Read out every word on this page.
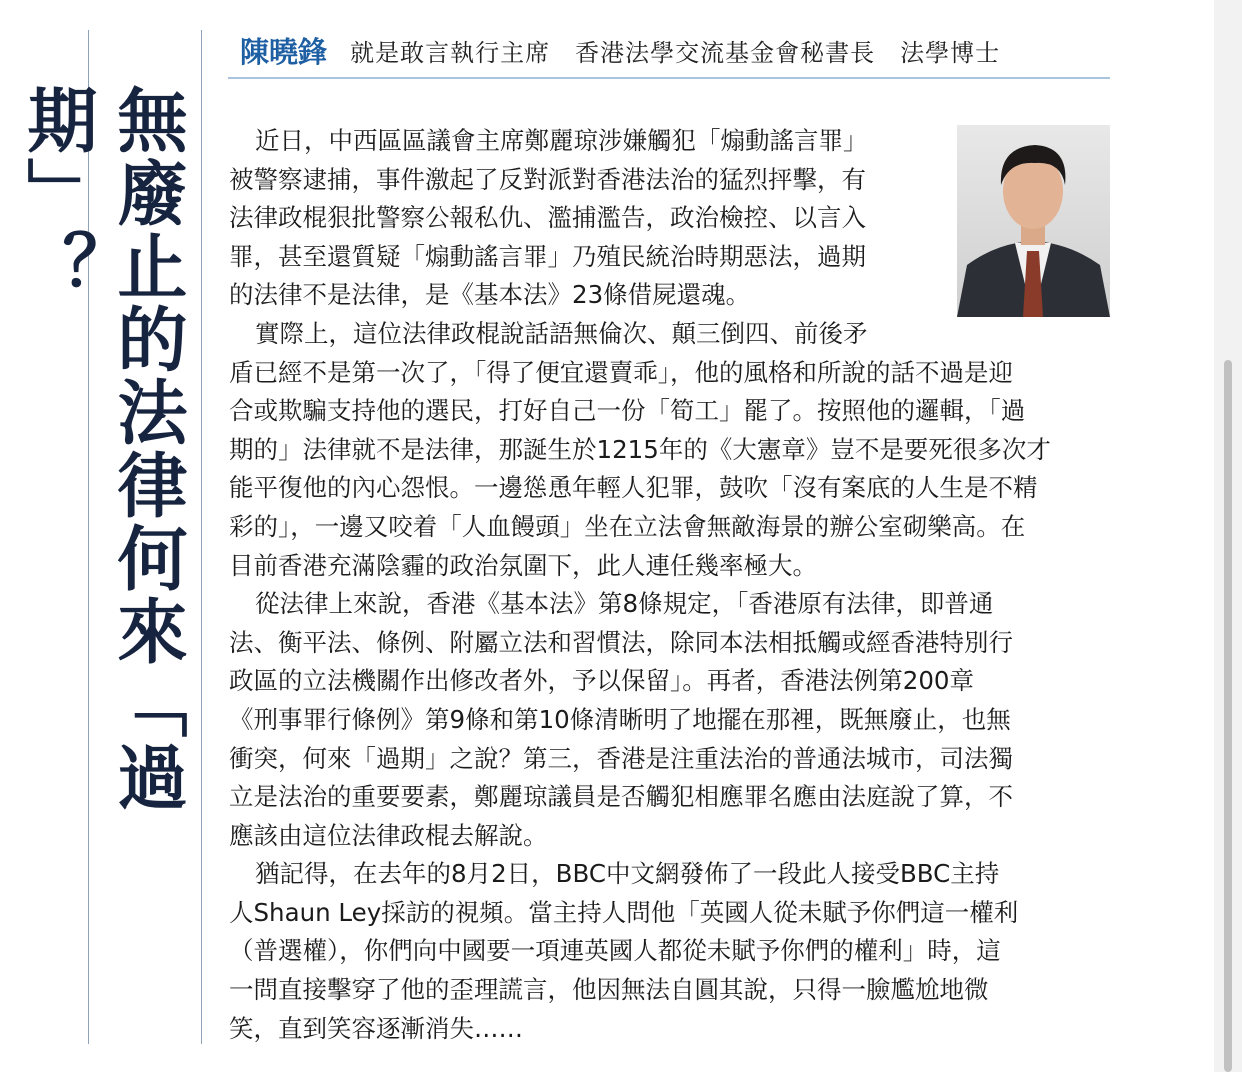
無廢止的法律何來「過期」？
陳曉鋒 就是敢言執行主席　香港法學交流基金會秘書長　法學博士
近日，中西區區議會主席鄭麗琼涉嫌觸犯「煽動謠言罪」
被警察逮捕，事件激起了反對派對香港法治的猛烈抨擊，有
法律政棍狠批警察公報私仇、濫捕濫告，政治檢控、以言入
罪，甚至還質疑「煽動謠言罪」乃殖民統治時期惡法，過期
的法律不是法律，是《基本法》23條借屍還魂。
實際上，這位法律政棍說話語無倫次、顛三倒四、前後矛
盾已經不是第一次了，「得了便宜還賣乖」，他的風格和所說的話不過是迎
合或欺騙支持他的選民，打好自己一份「筍工」罷了。按照他的邏輯，「過
期的」法律就不是法律，那誕生於1215年的《大憲章》豈不是要死很多次才
能平復他的內心怨恨。一邊慫恿年輕人犯罪，鼓吹「沒有案底的人生是不精
彩的」，一邊又咬着「人血饅頭」坐在立法會無敵海景的辦公室砌樂高。在
目前香港充滿陰霾的政治氛圍下，此人連任幾率極大。
從法律上來說，香港《基本法》第8條規定，「香港原有法律，即普通
法、衡平法、條例、附屬立法和習慣法，除同本法相抵觸或經香港特別行
政區的立法機關作出修改者外，予以保留」。再者，香港法例第200章
《刑事罪行條例》第9條和第10條清晰明了地擺在那裡，既無廢止，也無
衝突，何來「過期」之說？第三，香港是注重法治的普通法城市，司法獨
立是法治的重要要素，鄭麗琼議員是否觸犯相應罪名應由法庭說了算，不
應該由這位法律政棍去解說。
猶記得，在去年的8月2日，BBC中文網發佈了一段此人接受BBC主持
人Shaun Ley採訪的視頻。當主持人問他「英國人從未賦予你們這一權利
（普選權），你們向中國要一項連英國人都從未賦予你們的權利」時，這
一問直接擊穿了他的歪理謊言，他因無法自圓其說，只得一臉尷尬地微
笑，直到笑容逐漸消失……
